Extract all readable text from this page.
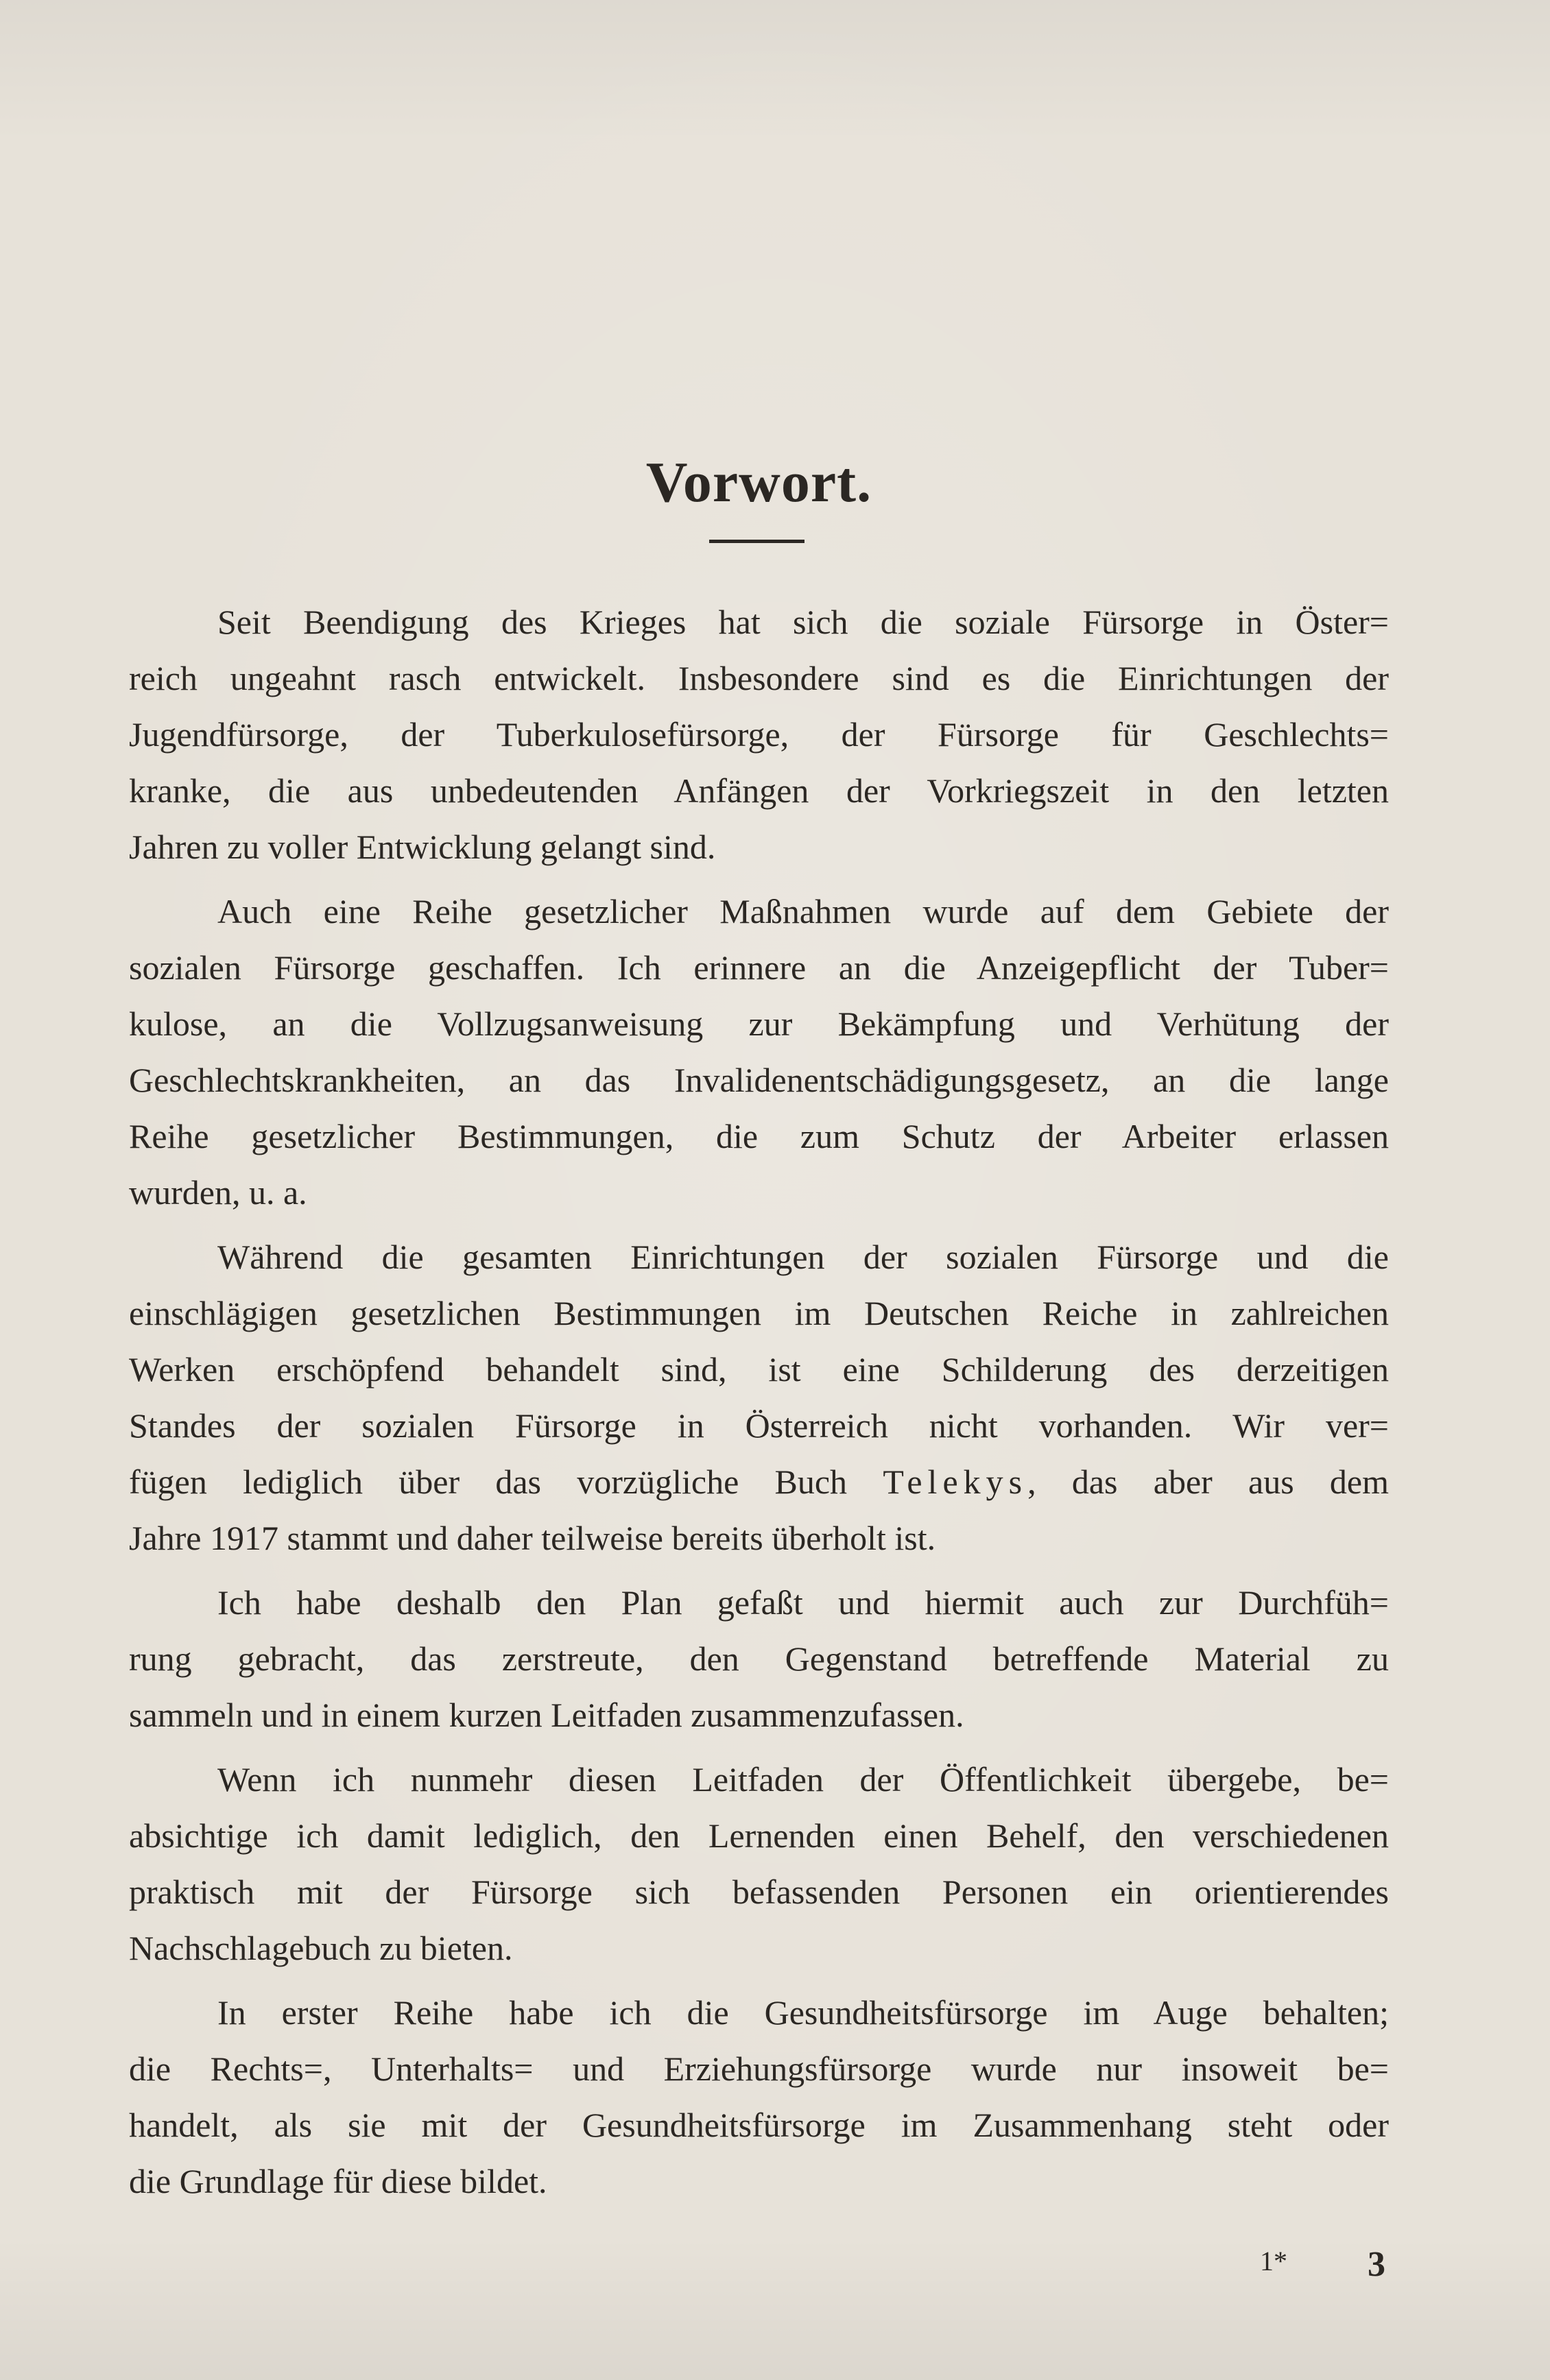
Vorwort.
Seit Beendigung des Krieges hat sich die soziale Fürsorge in Öster=
reich ungeahnt rasch entwickelt. Insbesondere sind es die Einrichtungen der
Jugendfürsorge, der Tuberkulosefürsorge, der Fürsorge für Geschlechts=
kranke, die aus unbedeutenden Anfängen der Vorkriegszeit in den letzten
Jahren zu voller Entwicklung gelangt sind.
Auch eine Reihe gesetzlicher Maßnahmen wurde auf dem Gebiete der
sozialen Fürsorge geschaffen. Ich erinnere an die Anzeigepflicht der Tuber=
kulose, an die Vollzugsanweisung zur Bekämpfung und Verhütung der
Geschlechtskrankheiten, an das Invalidenentschädigungsgesetz, an die lange
Reihe gesetzlicher Bestimmungen, die zum Schutz der Arbeiter erlassen
wurden, u. a.
Während die gesamten Einrichtungen der sozialen Fürsorge und die
einschlägigen gesetzlichen Bestimmungen im Deutschen Reiche in zahlreichen
Werken erschöpfend behandelt sind, ist eine Schilderung des derzeitigen
Standes der sozialen Fürsorge in Österreich nicht vorhanden. Wir ver=
fügen lediglich über das vorzügliche Buch Telekys, das aber aus dem
Jahre 1917 stammt und daher teilweise bereits überholt ist.
Ich habe deshalb den Plan gefaßt und hiermit auch zur Durchfüh=
rung gebracht, das zerstreute, den Gegenstand betreffende Material zu
sammeln und in einem kurzen Leitfaden zusammenzufassen.
Wenn ich nunmehr diesen Leitfaden der Öffentlichkeit übergebe, be=
absichtige ich damit lediglich, den Lernenden einen Behelf, den verschiedenen
praktisch mit der Fürsorge sich befassenden Personen ein orientierendes
Nachschlagebuch zu bieten.
In erster Reihe habe ich die Gesundheitsfürsorge im Auge behalten;
die Rechts=, Unterhalts= und Erziehungsfürsorge wurde nur insoweit be=
handelt, als sie mit der Gesundheitsfürsorge im Zusammenhang steht oder
die Grundlage für diese bildet.
1* 3
